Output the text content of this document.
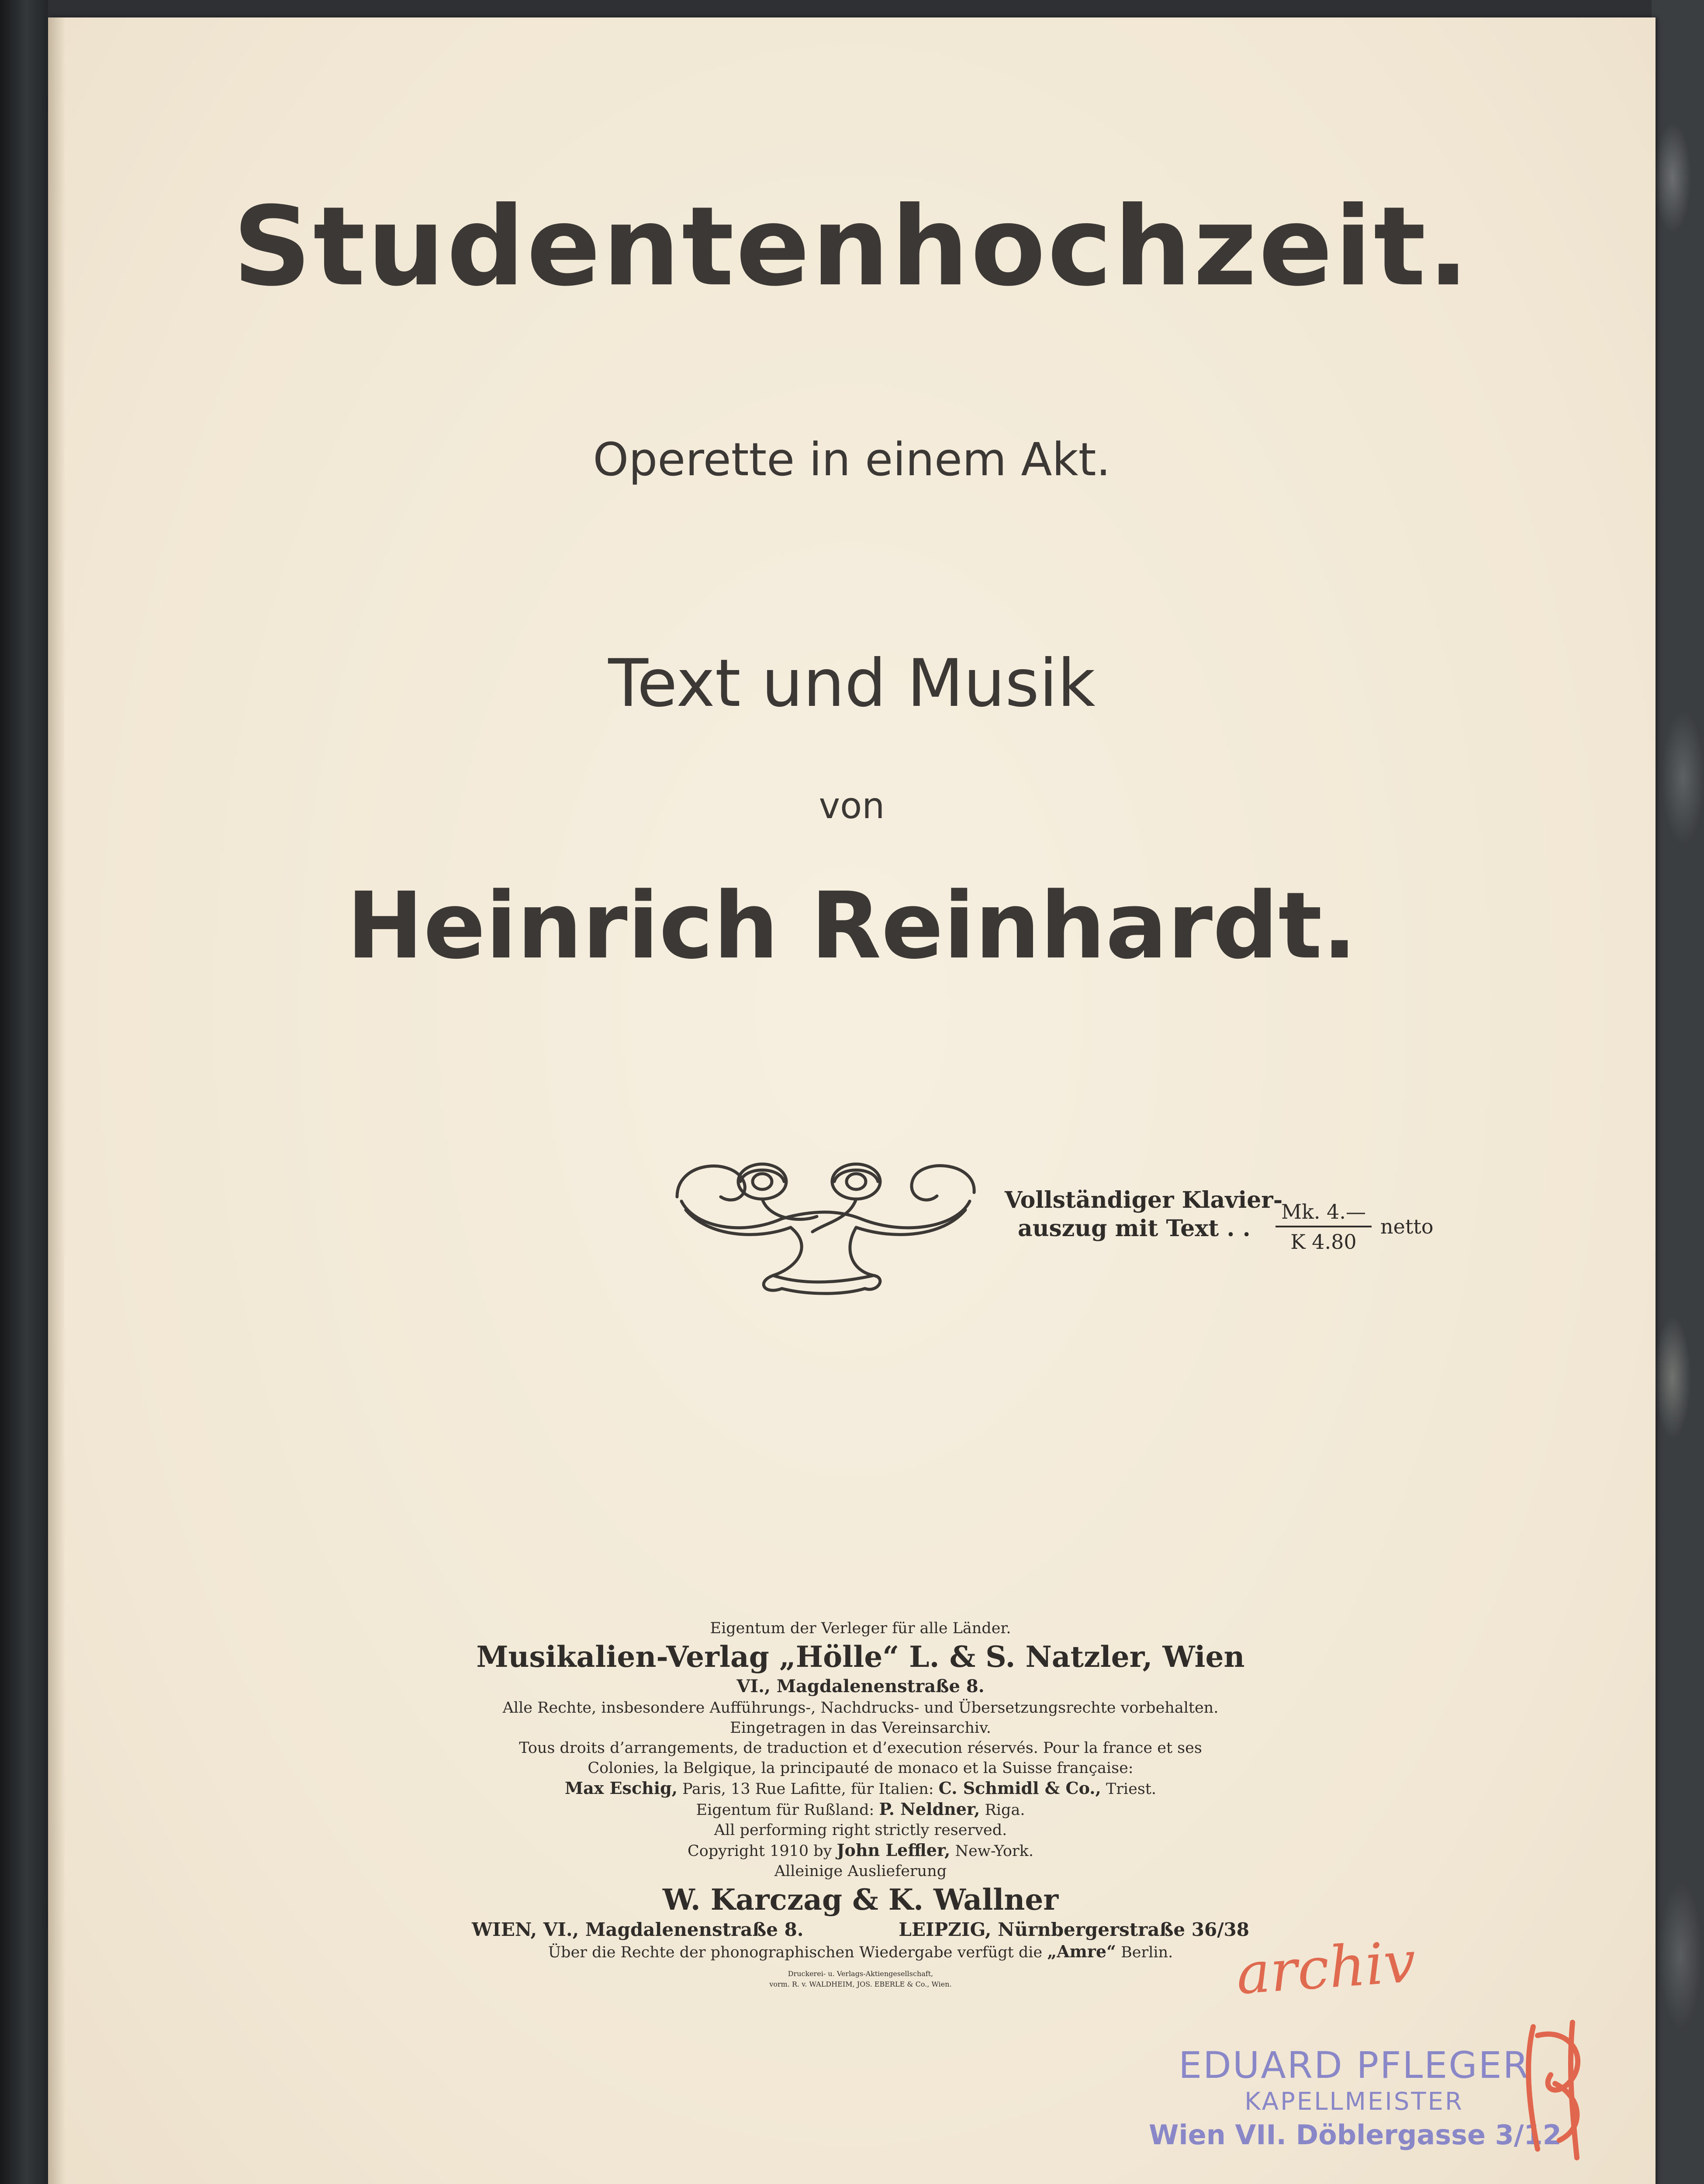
Studentenhochzeit.

Operette in einem Akt.

Text und Musik

von

Heinrich Reinhardt.

Vollständiger Klavier-
auszug mit Text . .	$\frac{Mk. 4.—}{K 4.80}$ netto

Eigentum der Verleger für alle Länder.

Musikalien-Verlag „Hölle“ L. & S. Natzler, Wien

VI., Magdalenenstraße 8.

Alle Rechte, insbesondere Aufführungs-, Nachdrucks- und Übersetzungsrechte vorbehalten.

Eingetragen in das Vereinsarchiv.

Tous droits d’arrangements, de traduction et d’execution réservés. Pour la france et ses

Colonies, la Belgique, la principauté de monaco et la Suisse française:

Max Eschig, Paris, 13 Rue Lafitte, für Italien: C. Schmidl & Co., Triest.

Eigentum für Rußland: P. Neldner, Riga.

All performing right strictly reserved.

Copyright 1910 by John Leffler, New-York.

Alleinige Auslieferung

W. Karczag & K. Wallner

WIEN, VI., Magdalenenstraße 8.	LEIPZIG, Nürnbergerstraße 36/38

Über die Rechte der phonographischen Wiedergabe verfügt die „Amre“ Berlin.

Druckerei- u. Verlags-Aktiengesellschaft,

vorm. R. v. WALDHEIM, JOS. EBERLE & Co., Wien.	archiv

EDUARD PFLEGER

KAPELLMEISTER

Wien VII. Döblergasse 3/12
